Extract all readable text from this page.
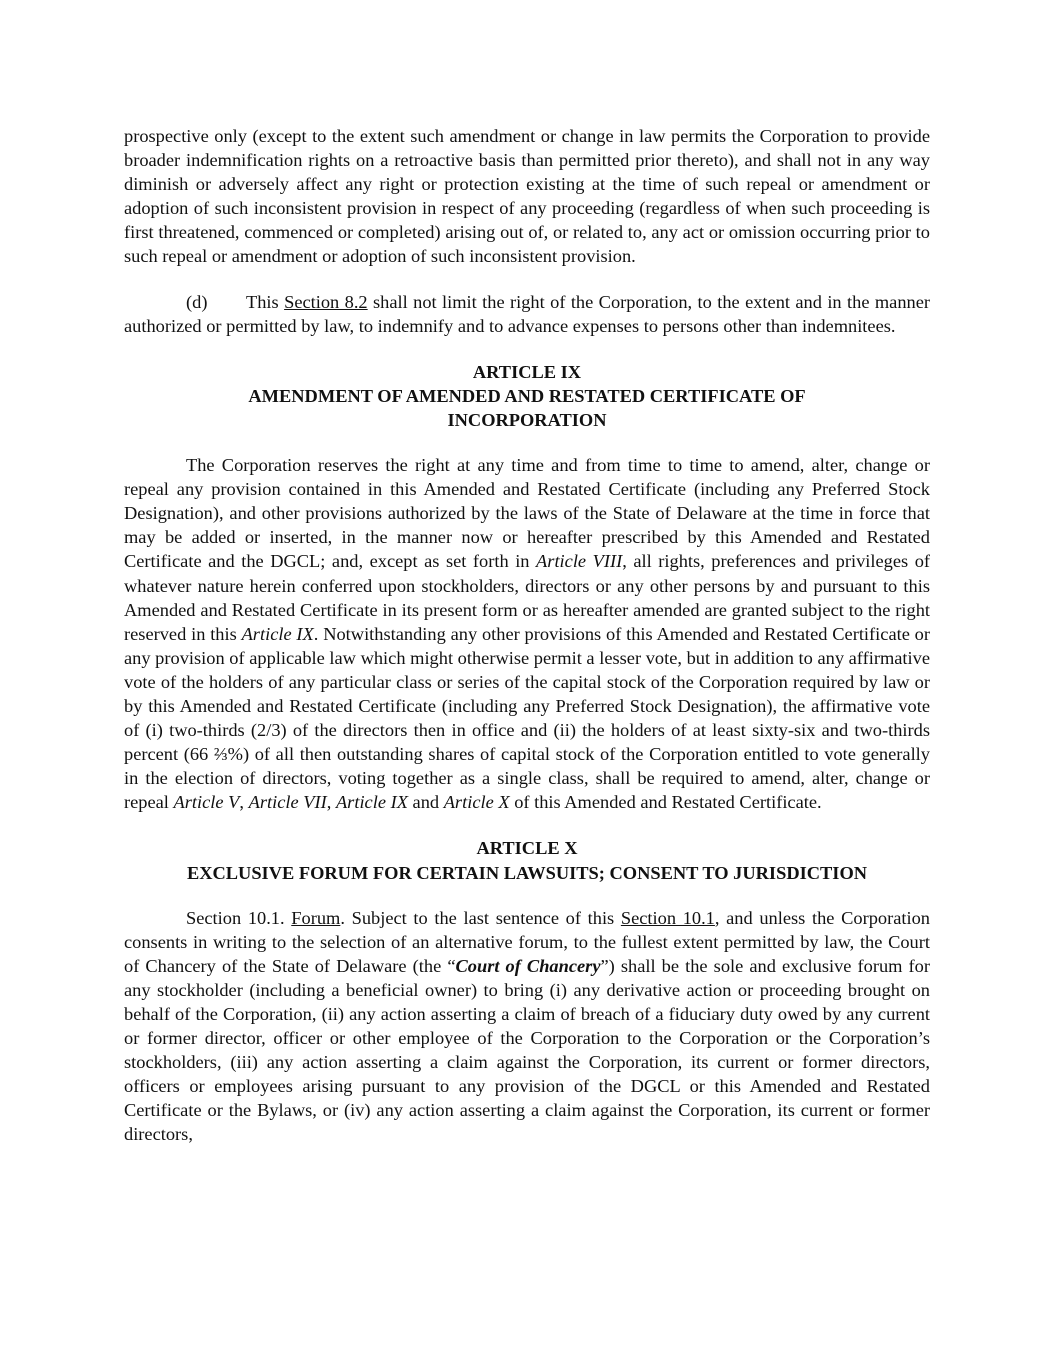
prospective only (except to the extent such amendment or change in law permits the Corporation to provide broader indemnification rights on a retroactive basis than permitted prior thereto), and shall not in any way diminish or adversely affect any right or protection existing at the time of such repeal or amendment or adoption of such inconsistent provision in respect of any proceeding (regardless of when such proceeding is first threatened, commenced or completed) arising out of, or related to, any act or omission occurring prior to such repeal or amendment or adoption of such inconsistent provision.

(d) This Section 8.2 shall not limit the right of the Corporation, to the extent and in the manner authorized or permitted by law, to indemnify and to advance expenses to persons other than indemnitees.

ARTICLE IX
AMENDMENT OF AMENDED AND RESTATED CERTIFICATE OF
INCORPORATION

The Corporation reserves the right at any time and from time to time to amend, alter, change or repeal any provision contained in this Amended and Restated Certificate (including any Preferred Stock Designation), and other provisions authorized by the laws of the State of Delaware at the time in force that may be added or inserted, in the manner now or hereafter prescribed by this Amended and Restated Certificate and the DGCL; and, except as set forth in Article VIII, all rights, preferences and privileges of whatever nature herein conferred upon stockholders, directors or any other persons by and pursuant to this Amended and Restated Certificate in its present form or as hereafter amended are granted subject to the right reserved in this Article IX. Notwithstanding any other provisions of this Amended and Restated Certificate or any provision of applicable law which might otherwise permit a lesser vote, but in addition to any affirmative vote of the holders of any particular class or series of the capital stock of the Corporation required by law or by this Amended and Restated Certificate (including any Preferred Stock Designation), the affirmative vote of (i) two-thirds (2/3) of the directors then in office and (ii) the holders of at least sixty-six and two-thirds percent (66 ⅔%) of all then outstanding shares of capital stock of the Corporation entitled to vote generally in the election of directors, voting together as a single class, shall be required to amend, alter, change or repeal Article V, Article VII, Article IX and Article X of this Amended and Restated Certificate.

ARTICLE X
EXCLUSIVE FORUM FOR CERTAIN LAWSUITS; CONSENT TO JURISDICTION

Section 10.1. Forum. Subject to the last sentence of this Section 10.1, and unless the Corporation consents in writing to the selection of an alternative forum, to the fullest extent permitted by law, the Court of Chancery of the State of Delaware (the “Court of Chancery”) shall be the sole and exclusive forum for any stockholder (including a beneficial owner) to bring (i) any derivative action or proceeding brought on behalf of the Corporation, (ii) any action asserting a claim of breach of a fiduciary duty owed by any current or former director, officer or other employee of the Corporation to the Corporation or the Corporation’s stockholders, (iii) any action asserting a claim against the Corporation, its current or former directors, officers or employees arising pursuant to any provision of the DGCL or this Amended and Restated Certificate or the Bylaws, or (iv) any action asserting a claim against the Corporation, its current or former directors,
